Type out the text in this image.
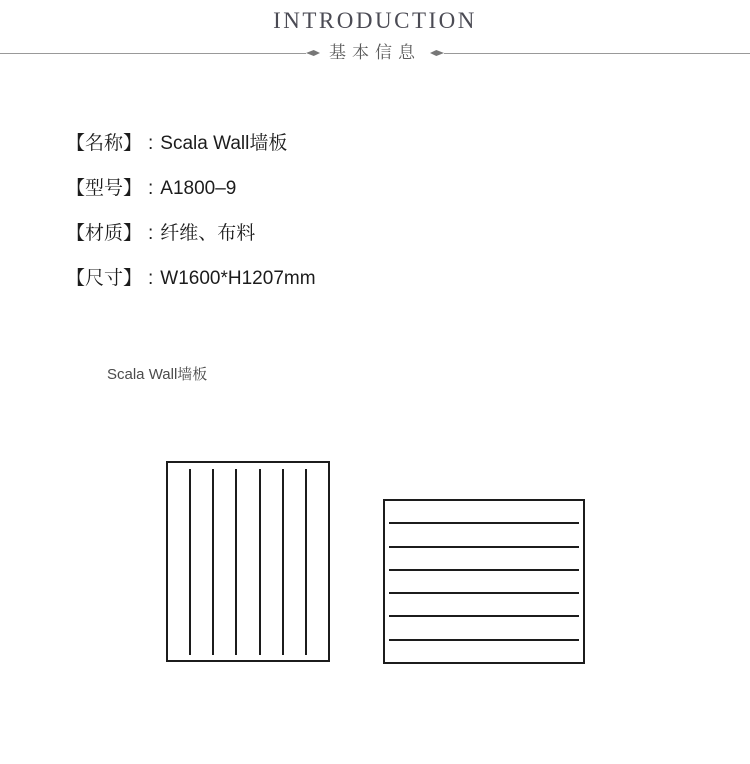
INTRODUCTION
基本信息
【名称】 : Scala Wall墙板
【型号】 : A1800–9
【材质】 : 纤维、布料
【尺寸】 : W1600*H1207mm
Scala Wall墙板
